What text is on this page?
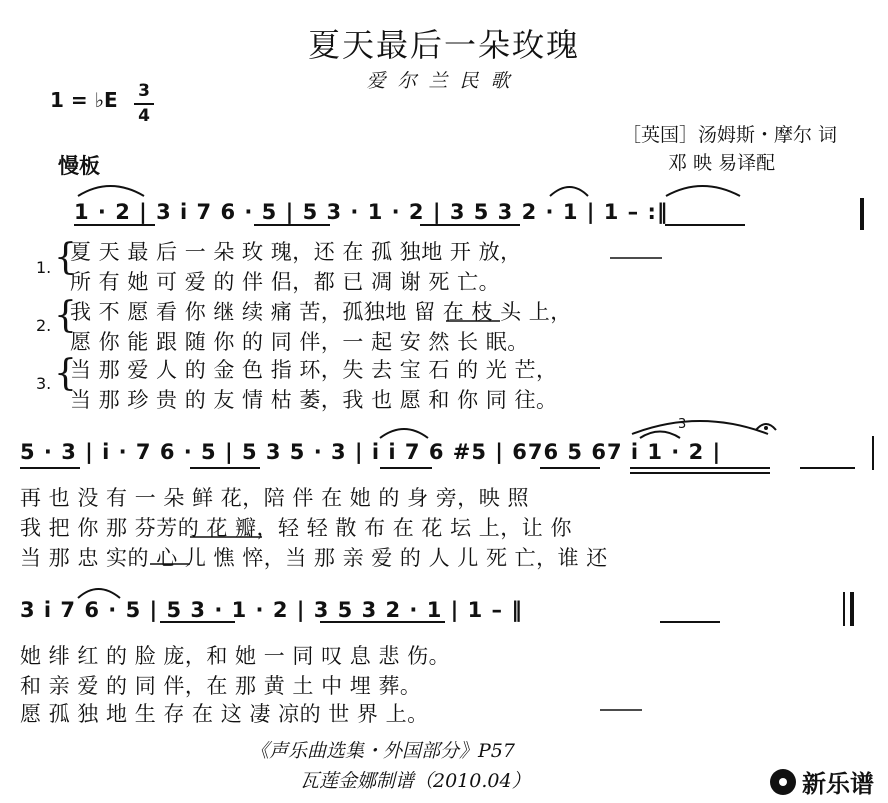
夏天最后一朵玫瑰
爱尔兰民歌
1 = ♭E 3
4
［英国］汤姆斯・摩尔 词
邓 映 易译配
慢板
3
1 · 2 | 3 i 7 6 · 5 | 5 3 · 1 · 2 | 3 5 3 2 · 1 | 1 – :‖
1. {
夏 天 最 后 一 朵 玫 瑰，还 在 孤 独地 开 放，
所 有 她 可 爱 的 伴 侣，都 已 凋 谢 死 亡。
2. {
我 不 愿 看 你 继 续 痛 苦，孤独地 留 在 枝 头 上，
愿 你 能 跟 随 你 的 同 伴，一 起 安 然 长 眠。
3. {
当 那 爱 人 的 金 色 指 环，失 去 宝 石 的 光 芒，
当 那 珍 贵 的 友 情 枯 萎，我 也 愿 和 你 同 往。
5 · 3 | i · 7 6 · 5 | 5 3 5 · 3 | i i 7 6 #5 | 676 5 67 i 1 · 2 |
再 也 没 有 一 朵 鲜 花，陪 伴 在 她 的 身 旁，映 照
我 把 你 那 芬芳的 花 瓣，轻 轻 散 布 在 花 坛 上，让 你
当 那 忠 实的 心 儿 憔 悴，当 那 亲 爱 的 人 儿 死 亡，谁 还
3 i 7 6 · 5 | 5 3 · 1 · 2 | 3 5 3 2 · 1 | 1 – ‖
她 绯 红 的 脸 庞，和 她 一 同 叹 息 悲 伤。
和 亲 爱 的 同 伴，在 那 黄 土 中 埋 葬。
愿 孤 独 地 生 存 在 这 凄 凉的 世 界 上。
《声乐曲选集・外国部分》P57
瓦莲金娜制谱（2010.04）	新乐谱
